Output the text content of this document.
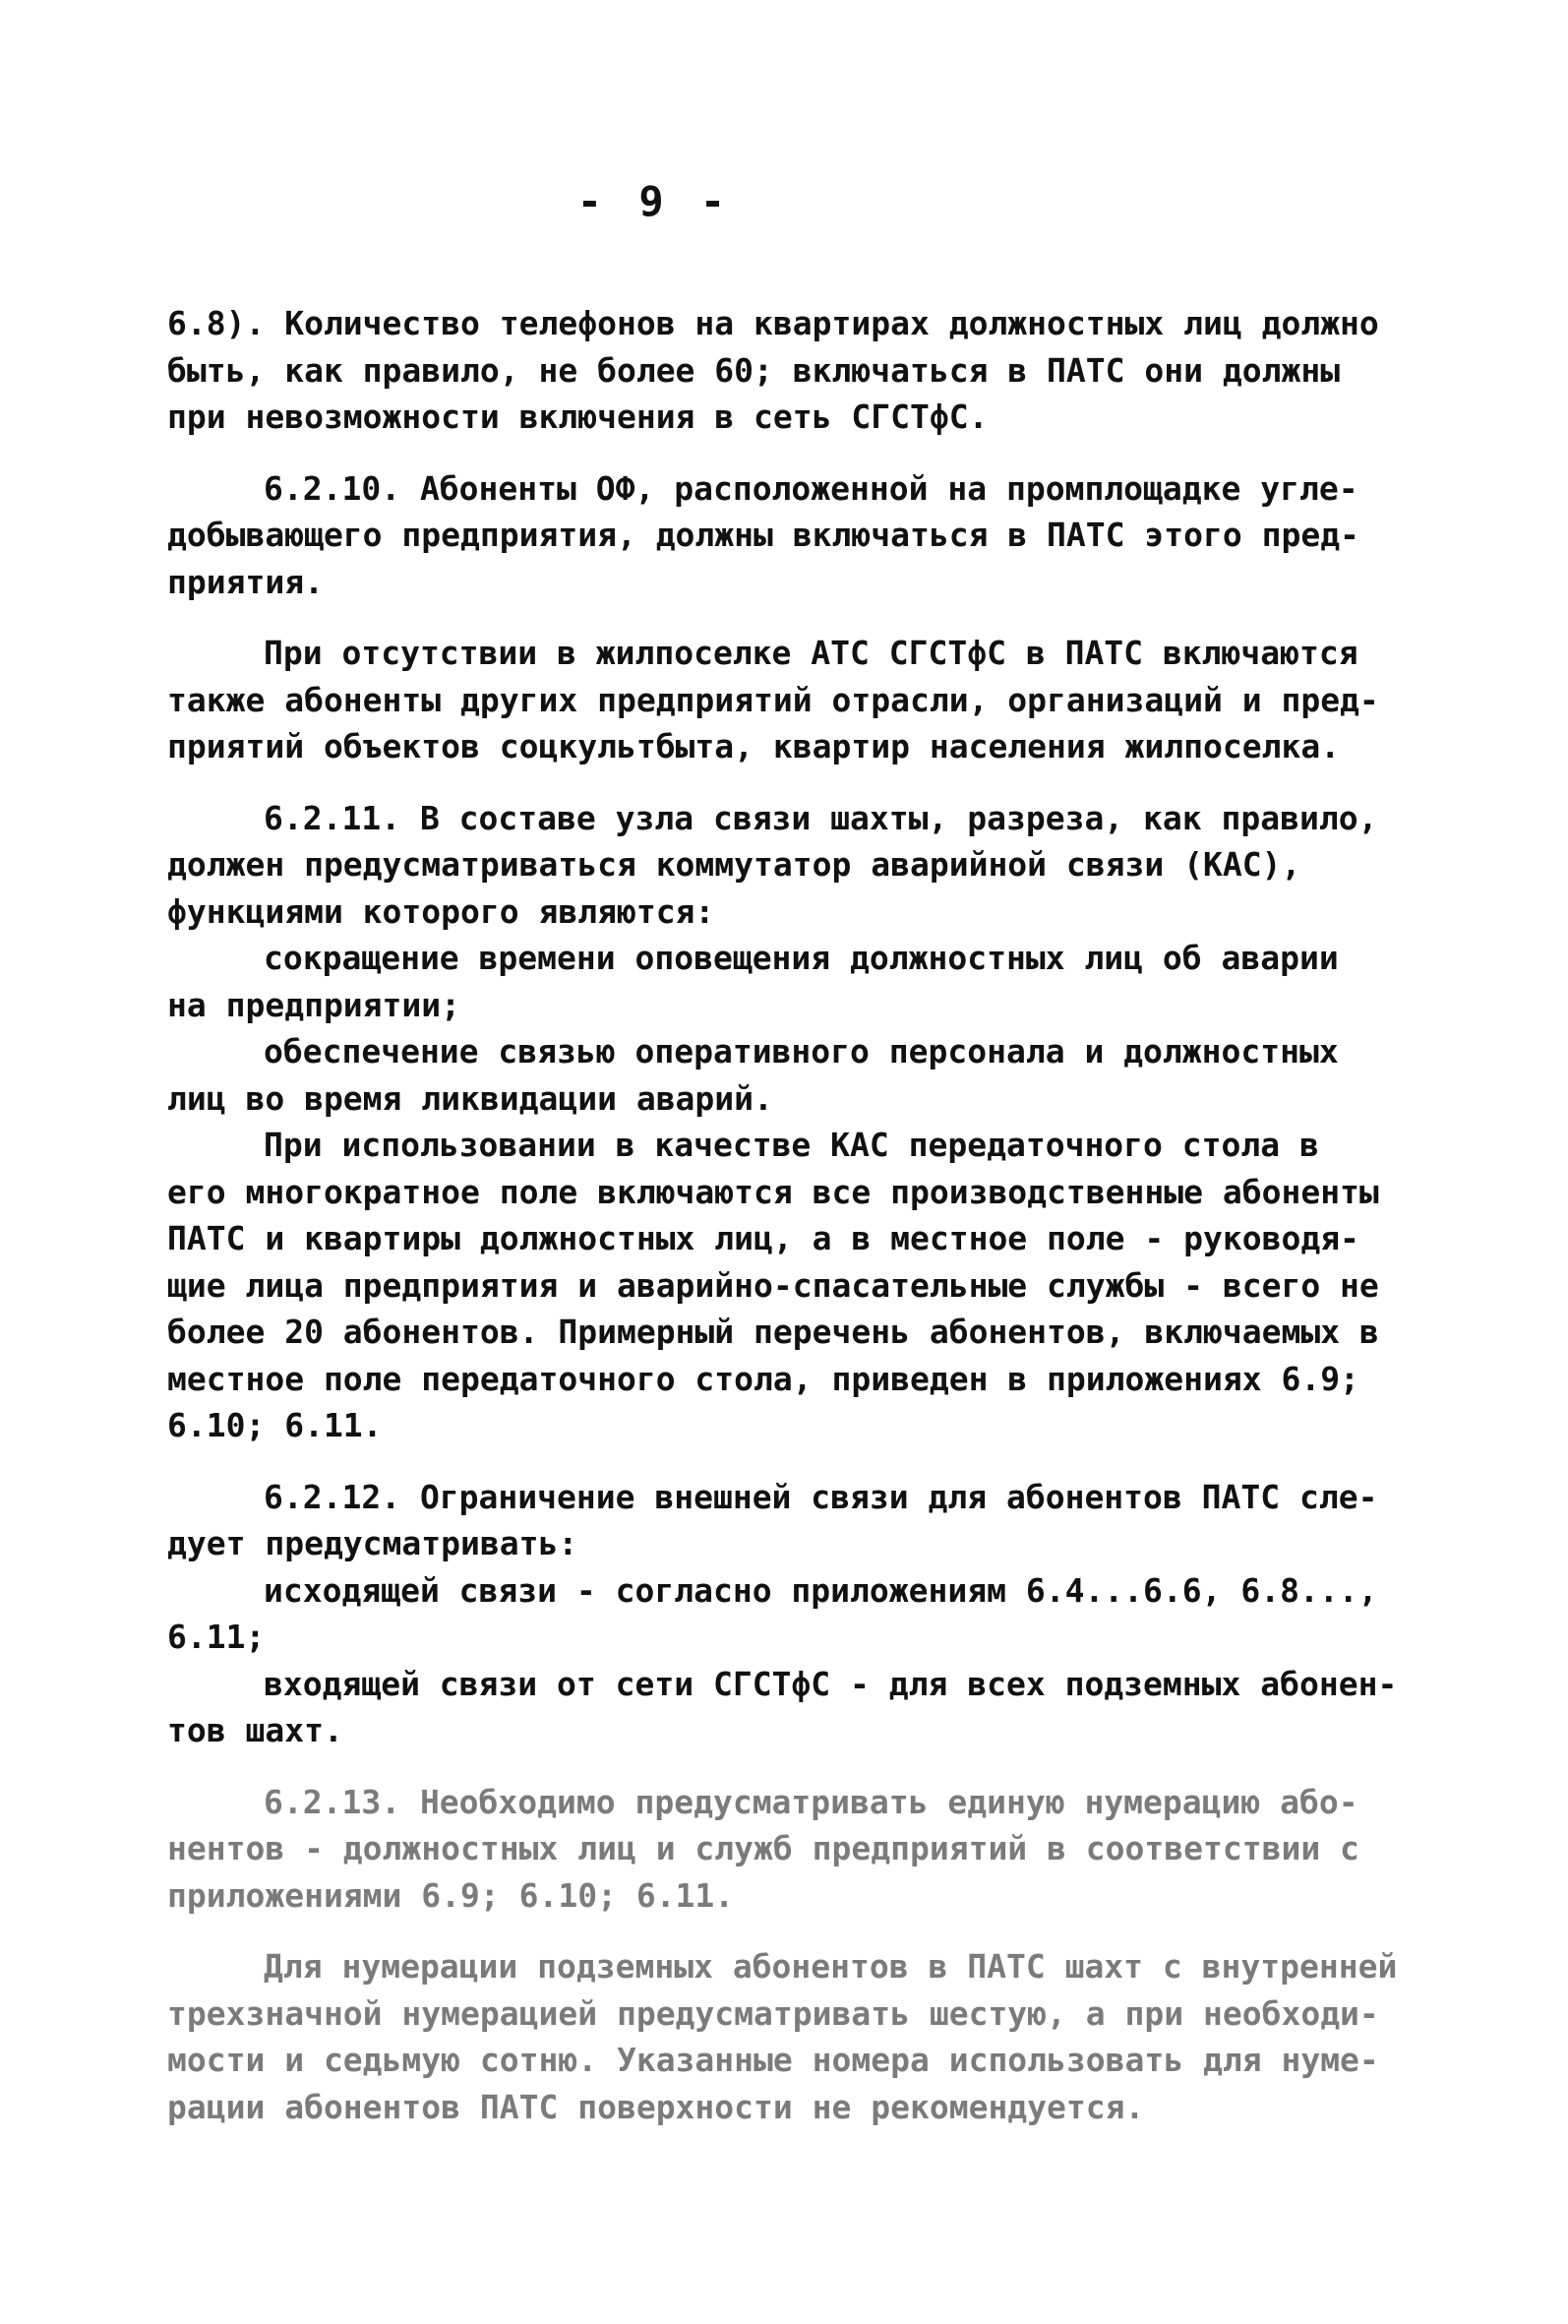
- 9 -
6.8). Количество телефонов на квартирах должностных лиц должно
быть, как правило, не более 60; включаться в ПАТС они должны
при невозможности включения в сеть СГСТфС.
6.2.10. Абоненты ОФ, расположенной на промплощадке угле-
добывающего предприятия, должны включаться в ПАТС этого пред-
приятия.
При отсутствии в жилпоселке АТС СГСТфС в ПАТС включаются
также абоненты других предприятий отрасли, организаций и пред-
приятий объектов соцкультбыта, квартир населения жилпоселка.
6.2.11. В составе узла связи шахты, разреза, как правило,
должен предусматриваться коммутатор аварийной связи (КАС),
функциями которого являются:
сокращение времени оповещения должностных лиц об аварии
на предприятии;
обеспечение связью оперативного персонала и должностных
лиц во время ликвидации аварий.
При использовании в качестве КАС передаточного стола в
его многократное поле включаются все производственные абоненты
ПАТС и квартиры должностных лиц, а в местное поле - руководя-
щие лица предприятия и аварийно-спасательные службы - всего не
более 20 абонентов. Примерный перечень абонентов, включаемых в
местное поле передаточного стола, приведен в приложениях 6.9;
6.10; 6.11.
6.2.12. Ограничение внешней связи для абонентов ПАТС сле-
дует предусматривать:
исходящей связи - согласно приложениям 6.4...6.6, 6.8...,
6.11;
входящей связи от сети СГСТфС - для всех подземных абонен-
тов шахт.
6.2.13. Необходимо предусматривать единую нумерацию або-
нентов - должностных лиц и служб предприятий в соответствии с
приложениями 6.9; 6.10; 6.11.
Для нумерации подземных абонентов в ПАТС шахт с внутренней
трехзначной нумерацией предусматривать шестую, а при необходи-
мости и седьмую сотню. Указанные номера использовать для нуме-
рации абонентов ПАТС поверхности не рекомендуется.
